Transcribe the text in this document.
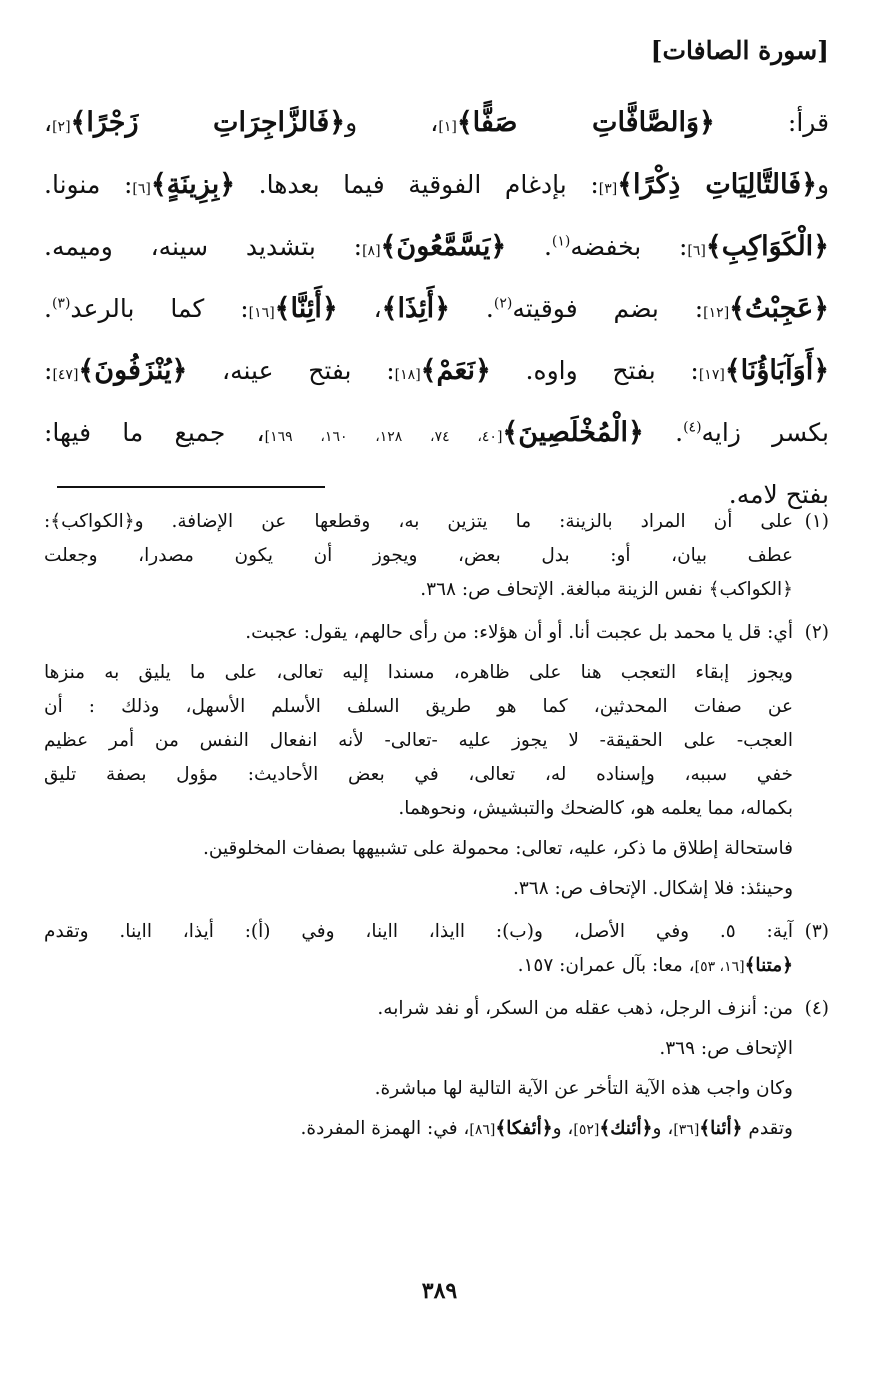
[سورة الصافات]
قرأ: ﴿وَالصَّافَّاتِ صَفًّا﴾[١]، و﴿فَالزَّاجِرَاتِ زَجْرًا﴾[٢]،
و﴿فَالتَّالِيَاتِ ذِكْرًا﴾[٣]: بإدغام الفوقية فيما بعدها. ﴿بِزِينَةٍ﴾[٦]: منونا.
﴿الْكَوَاكِبِ﴾[٦]: بخفضه$^{(١)}$. ﴿يَسَّمَّعُونَ﴾[٨]: بتشديد سينه، وميمه.
﴿عَجِبْتُ﴾[١٢]: بضم فوقيته$^{(٢)}$. ﴿أَئِذَا﴾، ﴿أَئِنَّا﴾[١٦]: كما بالرعد$^{(٣)}$.
﴿أَوَآبَاؤُنَا﴾[١٧]: بفتح واوه. ﴿نَعَمْ﴾[١٨]: بفتح عينه، ﴿يُنْزَفُونَ﴾[٤٧]:
بكسر زايه$^{(٤)}$. ﴿الْمُخْلَصِينَ﴾[٤٠، ٧٤، ١٢٨، ١٦٠، ١٦٩]، جميع ما فيها:
بفتح لامه.
(١)على أن المراد بالزينة: ما يتزين به، وقطعها عن الإضافة. و﴿الكواكب﴾:
عطف بيان، أو: بدل بعض، ويجوز أن يكون مصدرا، وجعلت
﴿الكواكب﴾ نفس الزينة مبالغة. الإتحاف ص: ٣٦٨.
(٢)أي: قل يا محمد بل عجبت أنا. أو أن هؤلاء: من رأى حالهم، يقول: عجبت.
ويجوز إبقاء التعجب هنا على ظاهره، مسندا إليه تعالى، على ما يليق به منزها
عن صفات المحدثين، كما هو طريق السلف الأسلم الأسهل، وذلك : أن
العجب- على الحقيقة- لا يجوز عليه -تعالى- لأنه انفعال النفس من أمر عظيم
خفي سببه، وإسناده له، تعالى، في بعض الأحاديث: مؤول بصفة تليق
بكماله، مما يعلمه هو، كالضحك والتبشيش، ونحوهما.
فاستحالة إطلاق ما ذكر، عليه، تعالى: محمولة على تشبيهها بصفات المخلوقين.
وحينئذ: فلا إشكال. الإتحاف ص: ٣٦٨.
(٣)آية: ٥. وفي الأصل، و(ب): اايذا، ااينا، وفي (أ): أيذا، ااينا. وتقدم
﴿متنا﴾[١٦، ٥٣]، معا: بآل عمران: ١٥٧.
(٤)من: أنزف الرجل، ذهب عقله من السكر، أو نفد شرابه.
الإتحاف ص: ٣٦٩.
وكان واجب هذه الآية التأخر عن الآية التالية لها مباشرة.
وتقدم ﴿أئنا﴾[٣٦]، و﴿أئنك﴾[٥٢]، و﴿أئفكا﴾[٨٦]، في: الهمزة المفردة.
٣٨٩
